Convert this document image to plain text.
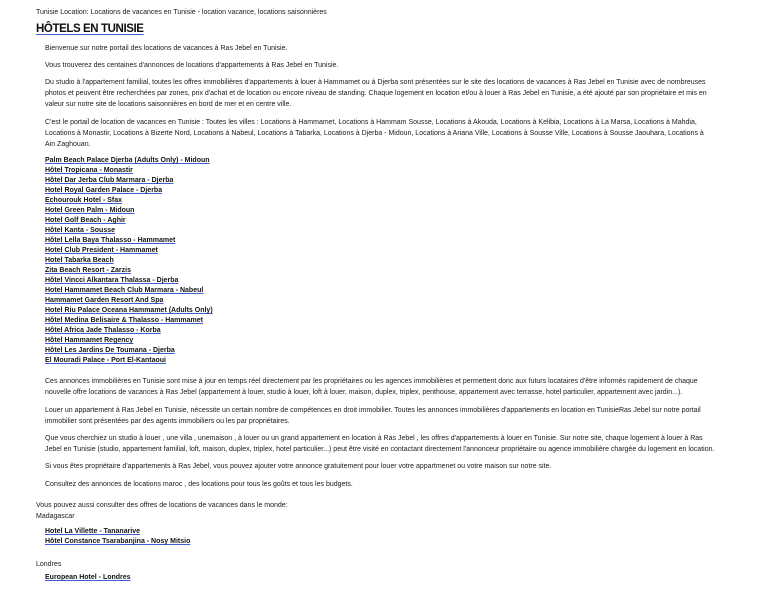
Tunisie Location: Locations de vacances en Tunisie - location vacance, locations saisonnières
HÔTELS EN TUNISIE

Bienvenue sur notre portail des locations de vacances à Ras Jebel en Tunisie.

Vous trouverez des centaines d'annonces de locations d'appartements à Ras Jebel en Tunisie.

Du studio à l'appartement familial, toutes les offres immobilières d'appartements à louer à Hammamet ou à Djerba sont présentées sur le site des locations de vacances à Ras Jebel en Tunisie avec de nombreuses photos et peuvent être recherchées par zones, prix d'achat et de location ou encore niveau de standing. Chaque logement en location et/ou à louer à Ras Jebel en Tunisie, a été ajouté par son propriétaire et mis en valeur sur notre site de locations saisonnières en bord de mer et en centre ville.

C'est le portail de location de vacances en Tunisie : Toutes les villes : Locations à Hammamet, Locations à Hammam Sousse, Locations à Akouda, Locations à Kelibia, Locations à La Marsa, Locations à Mahdia, Locations à Monastir, Locations à Bizerte Nord, Locations à Nabeul, Locations à Tabarka, Locations à Djerba - Midoun, Locations à Ariana Ville, Locations à Sousse Ville, Locations à Sousse Jaouhara, Locations à Ain Zaghouan.

Palm Beach Palace Djerba (Adults Only) - Midoun
Hôtel Tropicana - Monastir
Hôtel Dar Jerba Club Marmara - Djerba
Hotel Royal Garden Palace - Djerba
Echourouk Hotel - Sfax
Hotel Green Palm - Midoun
Hotel Golf Beach - Aghir
Hôtel Kanta - Sousse
Hôtel Lella Baya Thalasso - Hammamet
Hotel Club President - Hammamet
Hotel Tabarka Beach
Zita Beach Resort - Zarzis
Hôtel Vincci Alkantara Thalassa - Djerba
Hotel Hammamet Beach Club Marmara - Nabeul
Hammamet Garden Resort And Spa
Hotel Riu Palace Oceana Hammamet (Adults Only)
Hôtel Medina Belisaire & Thalasso - Hammamet
Hôtel Africa Jade Thalasso - Korba
Hôtel Hammamet Regency
Hôtel Les Jardins De Toumana - Djerba
El Mouradi Palace - Port El-Kantaoui

Ces annonces immobilières en Tunisie sont mise à jour en temps réel directement par les propriétaires ou les agences immobilières et permettent donc aux futurs locataires d'être informés rapidement de chaque nouvelle offre locations de vacances à Ras Jebel (appartement à louer, studio à louer, loft à louer, maison, duplex, triplex, penthouse, appartement avec terrasse, hotel particulier, appartement avec jardin...).

Louer un appartement à Ras Jebel en Tunisie, nécessite un certain nombre de compétences en droit immobilier. Toutes les annonces immobilières d'appartements en location en TunisieRas Jebel sur notre portail immobilier sont présentées par des agents immobiliers ou les par propriétaires.

Que vous cherchiez un studio à louer , une villa , unemaison , à louer ou un grand appartement en location à Ras Jebel , les offres d'appartements à louer en Tunisie. Sur notre site, chaque logement à louer à Ras Jebel en Tunisie (studio, appartement familial, loft, maison, duplex, triplex, hotel particulier...) peut être visité en contactant directement l'annonceur propriétaire ou agence immobilière chargée du logement en location.

Si vous êtes propriétaire d'appartements à Ras Jebel, vous pouvez ajouter votre annonce gratuitement pour louer votre appartmenet ou votre maison sur notre site.

Consultez des annonces de locations maroc , des locations pour tous les goûts et tous les budgets.

Vous pouvez aussi consulter des offres de locations de vacances dans le monde:
Madagascar
Hotel La Villette - Tananarive
Hôtel Constance Tsarabanjina - Nosy Mitsio
Londres
European Hotel - Londres
